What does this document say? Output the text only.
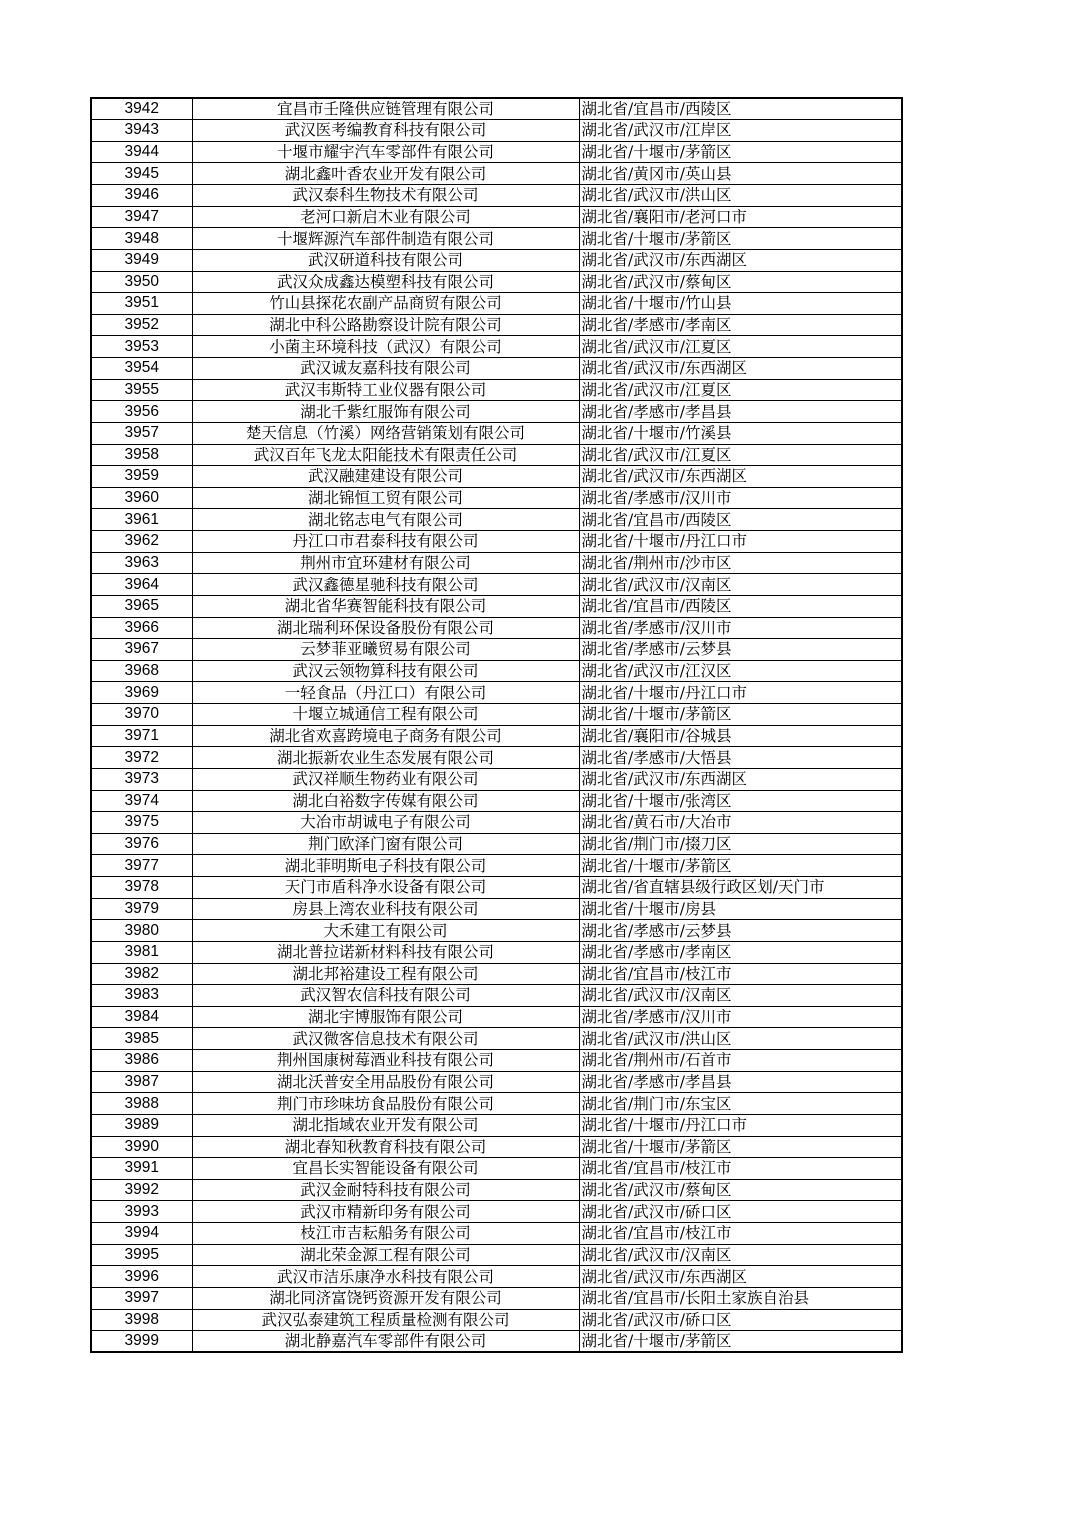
3942	宜昌市壬隆供应链管理有限公司	湖北省/宜昌市/西陵区
3943	武汉医考编教育科技有限公司	湖北省/武汉市/江岸区
3944	十堰市耀宇汽车零部件有限公司	湖北省/十堰市/茅箭区
3945	湖北鑫叶香农业开发有限公司	湖北省/黄冈市/英山县
3946	武汉泰科生物技术有限公司	湖北省/武汉市/洪山区
3947	老河口新启木业有限公司	湖北省/襄阳市/老河口市
3948	十堰辉源汽车部件制造有限公司	湖北省/十堰市/茅箭区
3949	武汉研道科技有限公司	湖北省/武汉市/东西湖区
3950	武汉众成鑫达模塑科技有限公司	湖北省/武汉市/蔡甸区
3951	竹山县探花农副产品商贸有限公司	湖北省/十堰市/竹山县
3952	湖北中科公路勘察设计院有限公司	湖北省/孝感市/孝南区
3953	小菌主环境科技（武汉）有限公司	湖北省/武汉市/江夏区
3954	武汉诚友嘉科技有限公司	湖北省/武汉市/东西湖区
3955	武汉韦斯特工业仪器有限公司	湖北省/武汉市/江夏区
3956	湖北千紫红服饰有限公司	湖北省/孝感市/孝昌县
3957	楚天信息（竹溪）网络营销策划有限公司	湖北省/十堰市/竹溪县
3958	武汉百年飞龙太阳能技术有限责任公司	湖北省/武汉市/江夏区
3959	武汉融建建设有限公司	湖北省/武汉市/东西湖区
3960	湖北锦恒工贸有限公司	湖北省/孝感市/汉川市
3961	湖北铭志电气有限公司	湖北省/宜昌市/西陵区
3962	丹江口市君泰科技有限公司	湖北省/十堰市/丹江口市
3963	荆州市宜环建材有限公司	湖北省/荆州市/沙市区
3964	武汉鑫德星驰科技有限公司	湖北省/武汉市/汉南区
3965	湖北省华赛智能科技有限公司	湖北省/宜昌市/西陵区
3966	湖北瑞利环保设备股份有限公司	湖北省/孝感市/汉川市
3967	云梦菲亚曦贸易有限公司	湖北省/孝感市/云梦县
3968	武汉云领物算科技有限公司	湖北省/武汉市/江汉区
3969	一轻食品（丹江口）有限公司	湖北省/十堰市/丹江口市
3970	十堰立城通信工程有限公司	湖北省/十堰市/茅箭区
3971	湖北省欢喜跨境电子商务有限公司	湖北省/襄阳市/谷城县
3972	湖北振新农业生态发展有限公司	湖北省/孝感市/大悟县
3973	武汉祥顺生物药业有限公司	湖北省/武汉市/东西湖区
3974	湖北白裕数字传媒有限公司	湖北省/十堰市/张湾区
3975	大冶市胡诚电子有限公司	湖北省/黄石市/大冶市
3976	荆门欧泽门窗有限公司	湖北省/荆门市/掇刀区
3977	湖北菲明斯电子科技有限公司	湖北省/十堰市/茅箭区
3978	天门市盾科净水设备有限公司	湖北省/省直辖县级行政区划/天门市
3979	房县上湾农业科技有限公司	湖北省/十堰市/房县
3980	大禾建工有限公司	湖北省/孝感市/云梦县
3981	湖北普拉诺新材料科技有限公司	湖北省/孝感市/孝南区
3982	湖北邦裕建设工程有限公司	湖北省/宜昌市/枝江市
3983	武汉智农信科技有限公司	湖北省/武汉市/汉南区
3984	湖北宇博服饰有限公司	湖北省/孝感市/汉川市
3985	武汉微客信息技术有限公司	湖北省/武汉市/洪山区
3986	荆州国康树莓酒业科技有限公司	湖北省/荆州市/石首市
3987	湖北沃普安全用品股份有限公司	湖北省/孝感市/孝昌县
3988	荆门市珍味坊食品股份有限公司	湖北省/荆门市/东宝区
3989	湖北指域农业开发有限公司	湖北省/十堰市/丹江口市
3990	湖北春知秋教育科技有限公司	湖北省/十堰市/茅箭区
3991	宜昌长实智能设备有限公司	湖北省/宜昌市/枝江市
3992	武汉金耐特科技有限公司	湖北省/武汉市/蔡甸区
3993	武汉市精新印务有限公司	湖北省/武汉市/硚口区
3994	枝江市吉耘船务有限公司	湖北省/宜昌市/枝江市
3995	湖北荣金源工程有限公司	湖北省/武汉市/汉南区
3996	武汉市洁乐康净水科技有限公司	湖北省/武汉市/东西湖区
3997	湖北同济富饶钙资源开发有限公司	湖北省/宜昌市/长阳土家族自治县
3998	武汉弘泰建筑工程质量检测有限公司	湖北省/武汉市/硚口区
3999	湖北静嘉汽车零部件有限公司	湖北省/十堰市/茅箭区
